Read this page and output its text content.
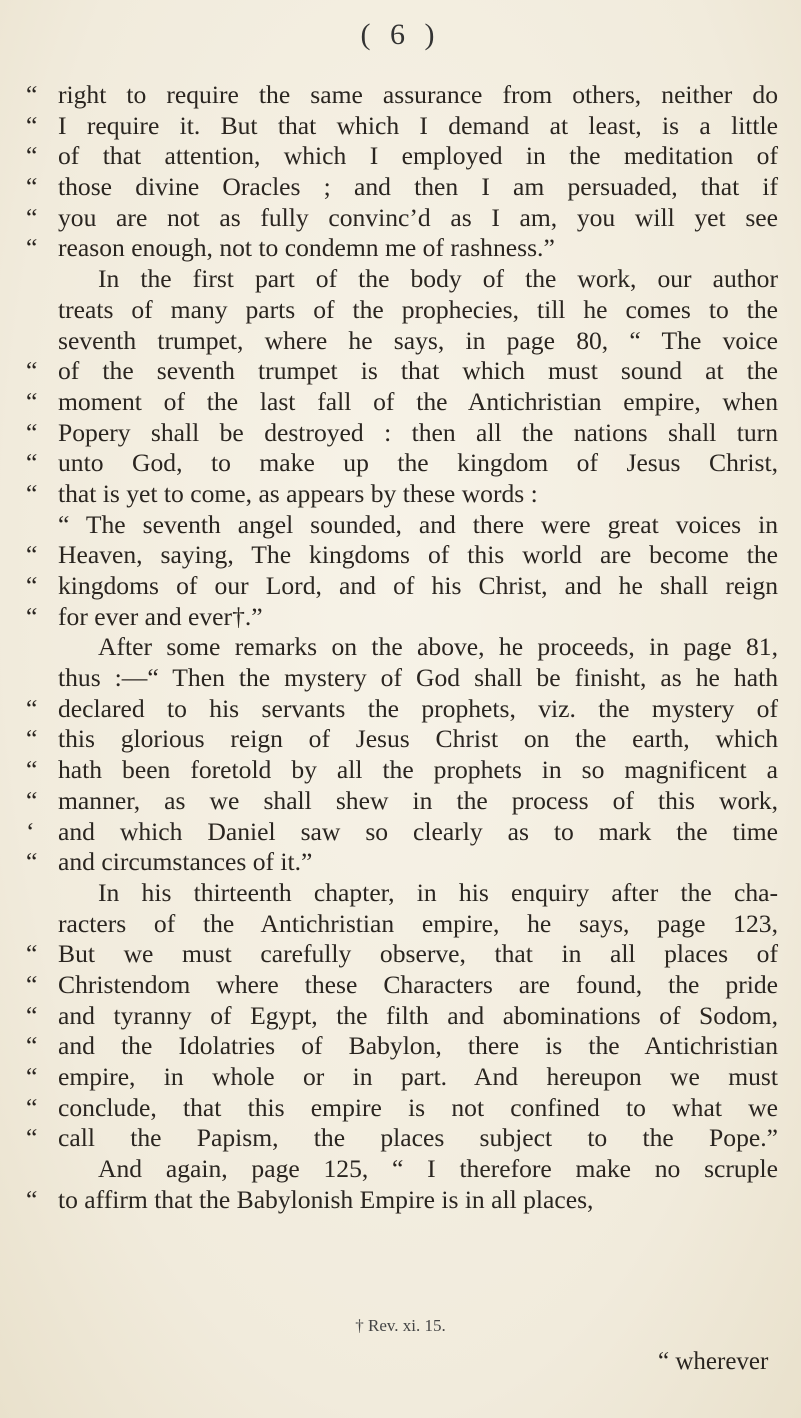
( 6 )
“ right to require the same assurance from others, neither do
“ I require it. But that which I demand at least, is a little
“ of that attention, which I employed in the meditation of
“ those divine Oracles ; and then I am persuaded, that if
“ you are not as fully convinc’d as I am, you will yet see
“ reason enough, not to condemn me of rashness.”
In the first part of the body of the work, our author
treats of many parts of the prophecies, till he comes to the
seventh trumpet, where he says, in page 80, “ The voice
“ of the seventh trumpet is that which must sound at the
“ moment of the last fall of the Antichristian empire, when
“ Popery shall be destroyed : then all the nations shall turn
“ unto God, to make up the kingdom of Jesus Christ,
“ that is yet to come, as appears by these words :
“ The seventh angel sounded, and there were great voices in
“ Heaven, saying, The kingdoms of this world are become the
“ kingdoms of our Lord, and of his Christ, and he shall reign
“ for ever and ever†.”
After some remarks on the above, he proceeds, in page 81,
thus :—“ Then the mystery of God shall be finisht, as he hath
“ declared to his servants the prophets, viz. the mystery of
“ this glorious reign of Jesus Christ on the earth, which
“ hath been foretold by all the prophets in so magnificent a
“ manner, as we shall shew in the process of this work,
‘ and which Daniel saw so clearly as to mark the time
“ and circumstances of it.”
In his thirteenth chapter, in his enquiry after the cha-
racters of the Antichristian empire, he says, page 123,
“ But we must carefully observe, that in all places of
“ Christendom where these Characters are found, the pride
“ and tyranny of Egypt, the filth and abominations of Sodom,
“ and the Idolatries of Babylon, there is the Antichristian
“ empire, in whole or in part. And hereupon we must
“ conclude, that this empire is not confined to what we
“ call the Papism, the places subject to the Pope.”
And again, page 125, “ I therefore make no scruple
“ to affirm that the Babylonish Empire is in all places,
† Rev. xi. 15.
“ wherever
